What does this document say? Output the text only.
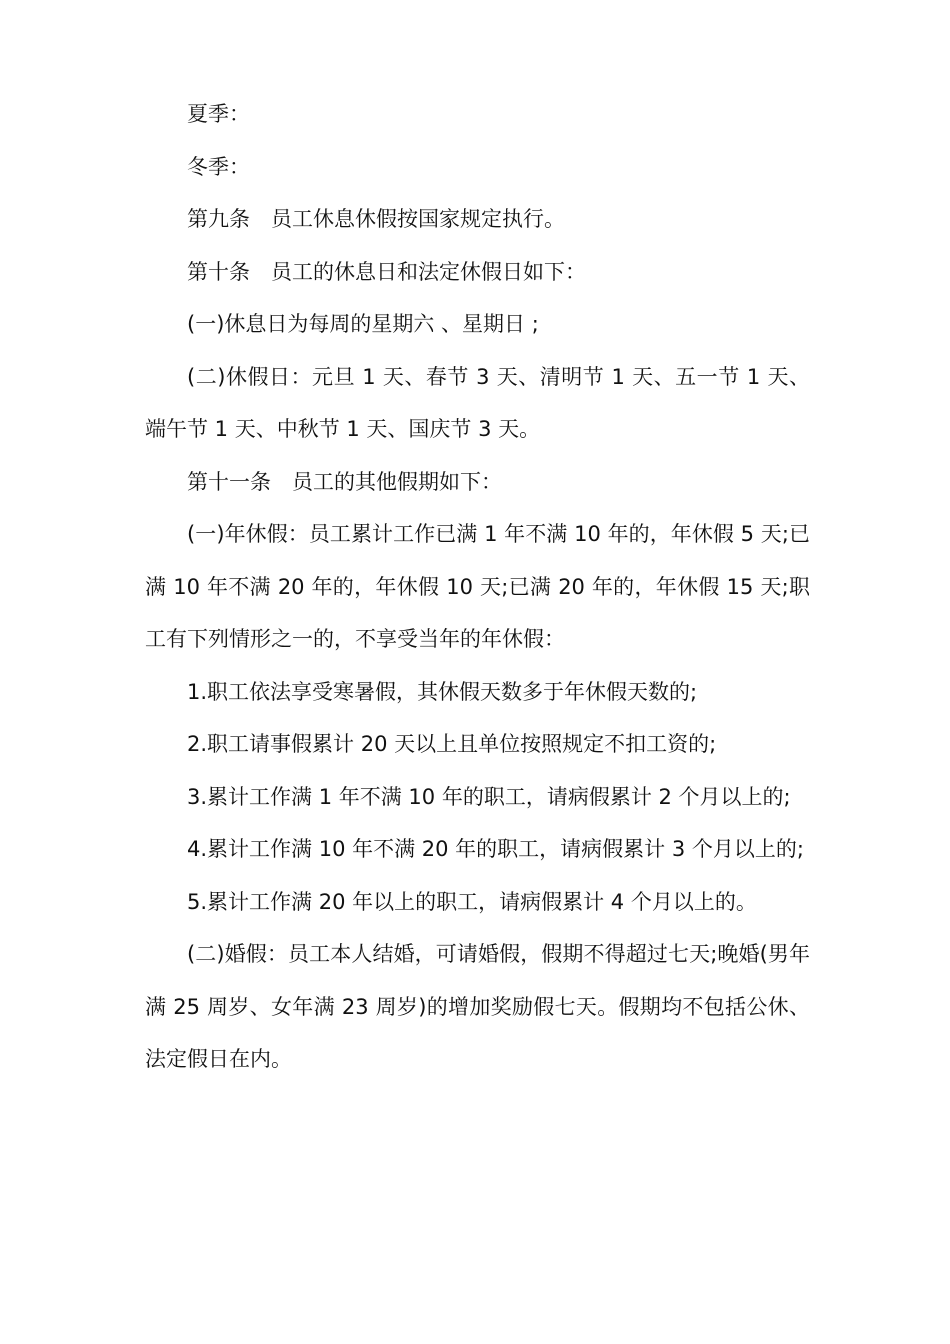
夏季：

冬季：

第九条　员工休息休假按国家规定执行。

第十条　员工的休息日和法定休假日如下：

(一)休息日为每周的星期六 、星期日 ;

(二)休假日：元旦 1 天、春节 3 天、清明节 1 天、五一节 1 天、端午节 1 天、中秋节 1 天、国庆节 3 天。

第十一条　员工的其他假期如下：

(一)年休假：员工累计工作已满 1 年不满 10 年的，年休假 5 天;已满 10 年不满 20 年的，年休假 10 天;已满 20 年的，年休假 15 天;职工有下列情形之一的，不享受当年的年休假：

1.职工依法享受寒暑假，其休假天数多于年休假天数的;

2.职工请事假累计 20 天以上且单位按照规定不扣工资的;

3.累计工作满 1 年不满 10 年的职工，请病假累计 2 个月以上的;

4.累计工作满 10 年不满 20 年的职工，请病假累计 3 个月以上的;

5.累计工作满 20 年以上的职工，请病假累计 4 个月以上的。

(二)婚假：员工本人结婚，可请婚假，假期不得超过七天;晚婚(男年满 25 周岁、女年满 23 周岁)的增加奖励假七天。假期均不包括公休、法定假日在内。
